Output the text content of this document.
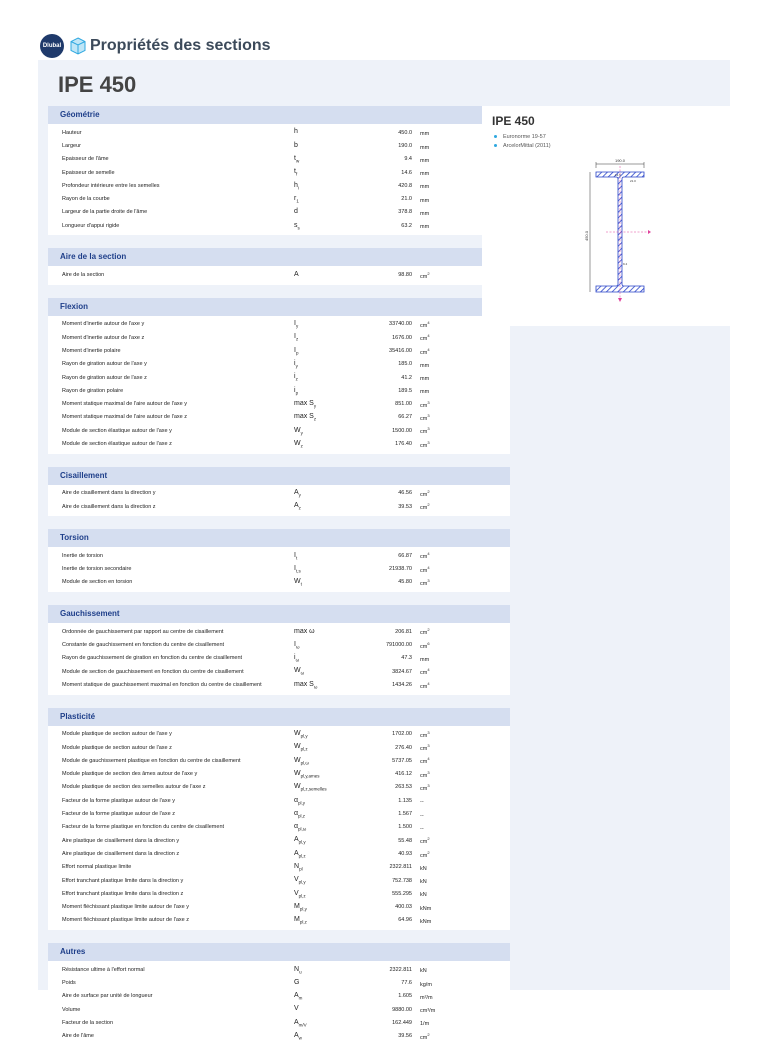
Dlubal Propriétés des sections
IPE 450
Géométrie
Hauteur	h	450.0	mm
Largeur	b	190.0	mm
Épaisseur de l'âme	$t_w$	9.4	mm
Épaisseur de semelle	$t_f$	14.6	mm
Profondeur intérieure entre les semelles	$h_i$	420.8	mm
Rayon de la courbe	$r_1$	21.0	mm
Largeur de la partie droite de l'âme	d	378.8	mm
Longueur d'appui rigide	$s_s$	63.2	mm
Aire de la section
Aire de la section	A	98.80	$cm^2$
Flexion
Moment d'inertie autour de l'axe y	$I_y$	33740.00	$cm^4$
Moment d'inertie autour de l'axe z	$I_z$	1676.00	$cm^4$
Moment d'inertie polaire	$I_p$	35416.00	$cm^4$
Rayon de giration autour de l'axe y	$i_y$	185.0	mm
Rayon de giration autour de l'axe z	$i_z$	41.2	mm
Rayon de giration polaire	$i_p$	189.5	mm
Moment statique maximal de l'aire autour de l'axe y	$\max S_y$	851.00	$cm^3$
Moment statique maximal de l'aire autour de l'axe z	$\max S_z$	66.27	$cm^3$
Module de section élastique autour de l'axe y	$W_y$	1500.00	$cm^3$
Module de section élastique autour de l'axe z	$W_z$	176.40	$cm^3$
Cisaillement
Aire de cisaillement dans la direction y	$A_y$	46.56	$cm^2$
Aire de cisaillement dans la direction z	$A_z$	39.53	$cm^2$
Torsion
Inertie de torsion	$I_t$	66.87	$cm^4$
Inertie de torsion secondaire	$I_{t,s}$	21938.70	$cm^4$
Module de section en torsion	$W_t$	45.80	$cm^3$
Gauchissement
Ordonnée de gauchissement par rapport au centre de cisaillement	max ω	206.81	$cm^2$
Constante de gauchissement en fonction du centre de cisaillement	$I_\omega$	791000.00	$cm^6$
Rayon de gauchissement de giration en fonction du centre de cisaillement	$i_\omega$	47.3	mm
Module de section de gauchissement en fonction du centre de cisaillement	$W_\omega$	3824.67	$cm^4$
Moment statique de gauchissement maximal en fonction du centre de cisaillement	$\max S_\omega$	1434.26	$cm^4$
Plasticité
Module plastique de section autour de l'axe y	$W_{pl,y}$	1702.00	$cm^3$
Module plastique de section autour de l'axe z	$W_{pl,z}$	276.40	$cm^3$
Module de gauchissement plastique en fonction du centre de cisaillement	$W_{pl,\omega}$	5737.05	$cm^4$
Module plastique de section des âmes autour de l'axe y	$W_{pl,y,ames}$	416.12	$cm^3$
Module plastique de section des semelles autour de l'axe z	$W_{pl,z,semelles}$	263.53	$cm^3$
Facteur de la forme plastique autour de l'axe y	$\alpha_{pl,y}$	1.135	--
Facteur de la forme plastique autour de l'axe z	$\alpha_{pl,z}$	1.567	--
Facteur de la forme plastique en fonction du centre de cisaillement	$\alpha_{pl,\omega}$	1.500	--
Aire plastique de cisaillement dans la direction y	$A_{pl,y}$	55.48	$cm^2$
Aire plastique de cisaillement dans la direction z	$A_{pl,z}$	40.93	$cm^2$
Effort normal plastique limite	$N_{pl}$	2322.811	kN
Effort tranchant plastique limite dans la direction y	$V_{pl,y}$	752.738	kN
Effort tranchant plastique limite dans la direction z	$V_{pl,z}$	555.295	kN
Moment fléchissant plastique limite autour de l'axe y	$M_{pl,y}$	400.03	kNm
Moment fléchissant plastique limite autour de l'axe z	$M_{pl,z}$	64.96	kNm
Autres
Résistance ultime à l'effort normal	$N_u$	2322.811	kN
Poids	G	77.6	kg/m
Aire de surface par unité de longueur	$A_m$	1.605	m²/m
Volume	V	9880.00	cm³/m
Facteur de la section	$A_{m/V}$	162.449	1/m
Aire de l'âme	$A_w$	39.56	$cm^2$
IPE 450
Euronorme 19-57
ArcelorMittal (2011)
190.0
450.0
14.6
21.0
9.4
